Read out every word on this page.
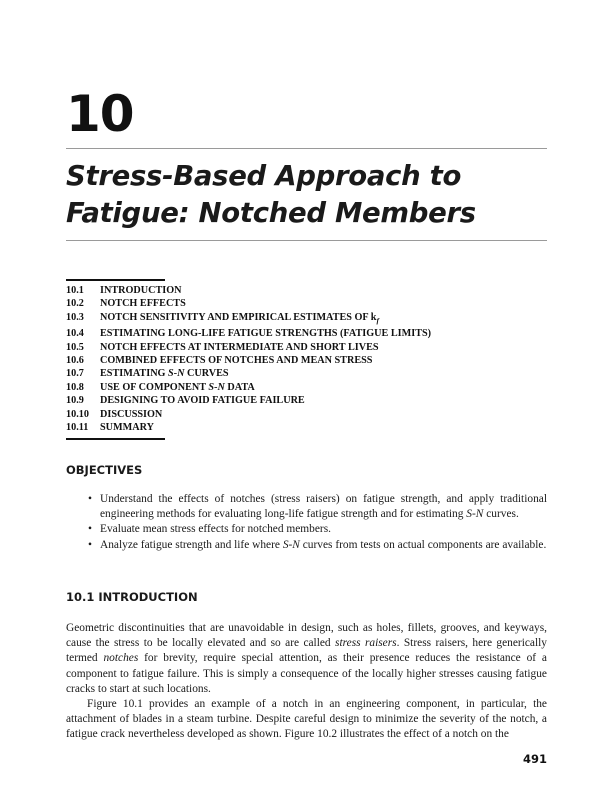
10
Stress-Based Approach to
Fatigue: Notched Members
10.1 INTRODUCTION
10.2 NOTCH EFFECTS
10.3 NOTCH SENSITIVITY AND EMPIRICAL ESTIMATES OF $k_f$
10.4 ESTIMATING LONG-LIFE FATIGUE STRENGTHS (FATIGUE LIMITS)
10.5 NOTCH EFFECTS AT INTERMEDIATE AND SHORT LIVES
10.6 COMBINED EFFECTS OF NOTCHES AND MEAN STRESS
10.7 ESTIMATING S-N CURVES
10.8 USE OF COMPONENT S-N DATA
10.9 DESIGNING TO AVOID FATIGUE FAILURE
10.10 DISCUSSION
10.11 SUMMARY
OBJECTIVES
• Understand the effects of notches (stress raisers) on fatigue strength, and apply traditional engineering methods for evaluating long-life fatigue strength and for estimating S-N curves.
• Evaluate mean stress effects for notched members.
• Analyze fatigue strength and life where S-N curves from tests on actual components are available.
10.1 INTRODUCTION

Geometric discontinuities that are unavoidable in design, such as holes, fillets, grooves, and keyways, cause the stress to be locally elevated and so are called stress raisers. Stress raisers, here generically termed notches for brevity, require special attention, as their presence reduces the resistance of a component to fatigue failure. This is simply a consequence of the locally higher stresses causing fatigue cracks to start at such locations.

Figure 10.1 provides an example of a notch in an engineering component, in particular, the attachment of blades in a steam turbine. Despite careful design to minimize the severity of the notch, a fatigue crack nevertheless developed as shown. Figure 10.2 illustrates the effect of a notch on the

491
